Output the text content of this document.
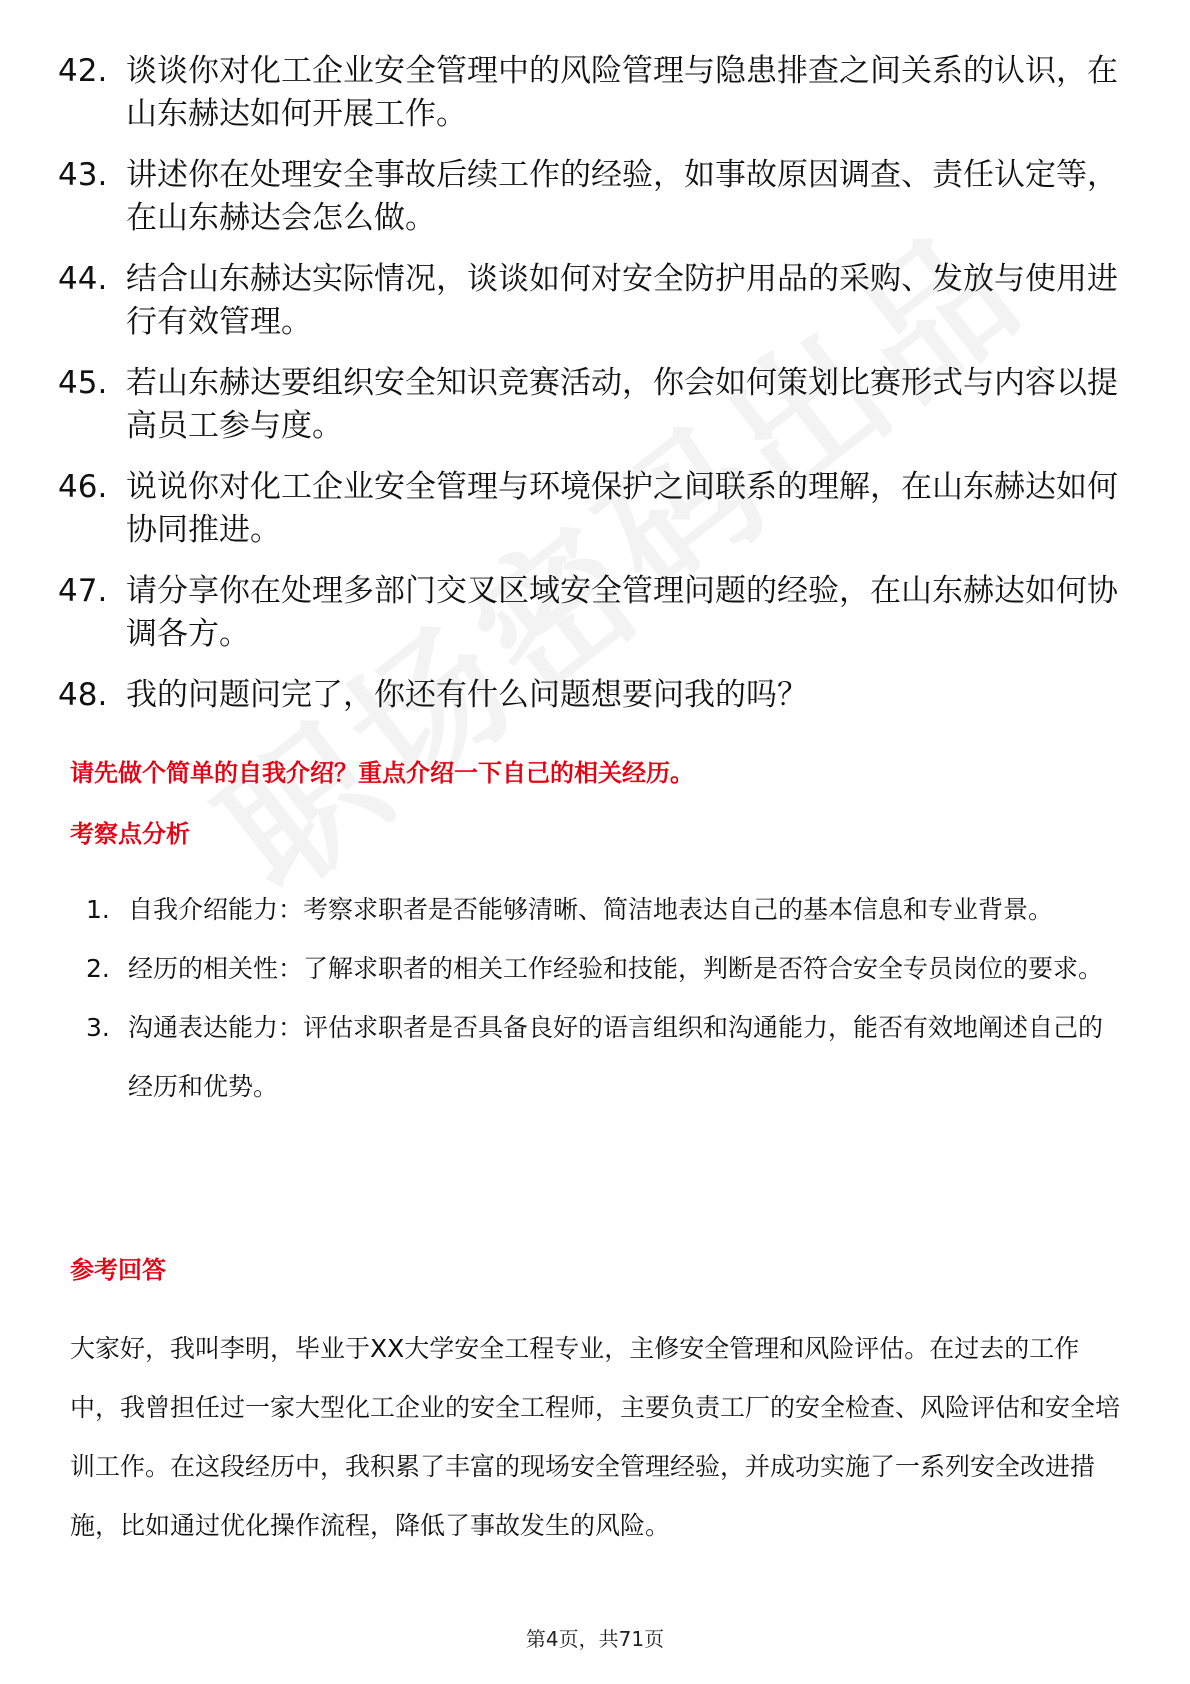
42. 谈谈你对化工企业安全管理中的风险管理与隐患排查之间关系的认识，在山东赫达如何开展工作。
43. 讲述你在处理安全事故后续工作的经验，如事故原因调查、责任认定等，在山东赫达会怎么做。
44. 结合山东赫达实际情况，谈谈如何对安全防护用品的采购、发放与使用进行有效管理。
45. 若山东赫达要组织安全知识竞赛活动，你会如何策划比赛形式与内容以提高员工参与度。
46. 说说你对化工企业安全管理与环境保护之间联系的理解，在山东赫达如何协同推进。
47. 请分享你在处理多部门交叉区域安全管理问题的经验，在山东赫达如何协调各方。
48. 我的问题问完了，你还有什么问题想要问我的吗？
请先做个简单的自我介绍？重点介绍一下自己的相关经历。
考察点分析
1. 自我介绍能力：考察求职者是否能够清晰、简洁地表达自己的基本信息和专业背景。
2. 经历的相关性：了解求职者的相关工作经验和技能，判断是否符合安全专员岗位的要求。
3. 沟通表达能力：评估求职者是否具备良好的语言组织和沟通能力，能否有效地阐述自己的经历和优势。
参考回答

大家好，我叫李明，毕业于XX大学安全工程专业，主修安全管理和风险评估。在过去的工作中，我曾担任过一家大型化工企业的安全工程师，主要负责工厂的安全检查、风险评估和安全培训工作。在这段经历中，我积累了丰富的现场安全管理经验，并成功实施了一系列安全改进措施，比如通过优化操作流程，降低了事故发生的风险。

第4页，共71页
